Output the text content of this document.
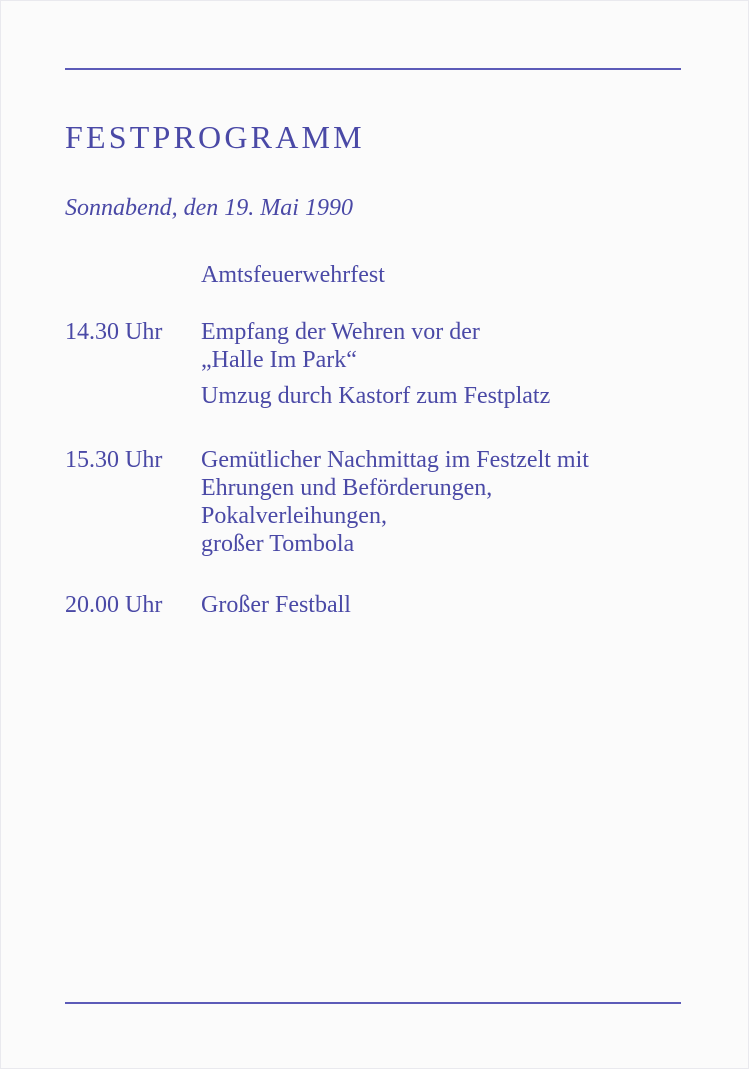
FESTPROGRAMM
Sonnabend, den 19. Mai 1990
Amtsfeuerwehrfest
14.30 Uhr Empfang der Wehren vor der
„Halle Im Park“
Umzug durch Kastorf zum Festplatz
15.30 Uhr Gemütlicher Nachmittag im Festzelt mit
Ehrungen und Beförderungen,
Pokalverleihungen,
großer Tombola
20.00 Uhr Großer Festball
